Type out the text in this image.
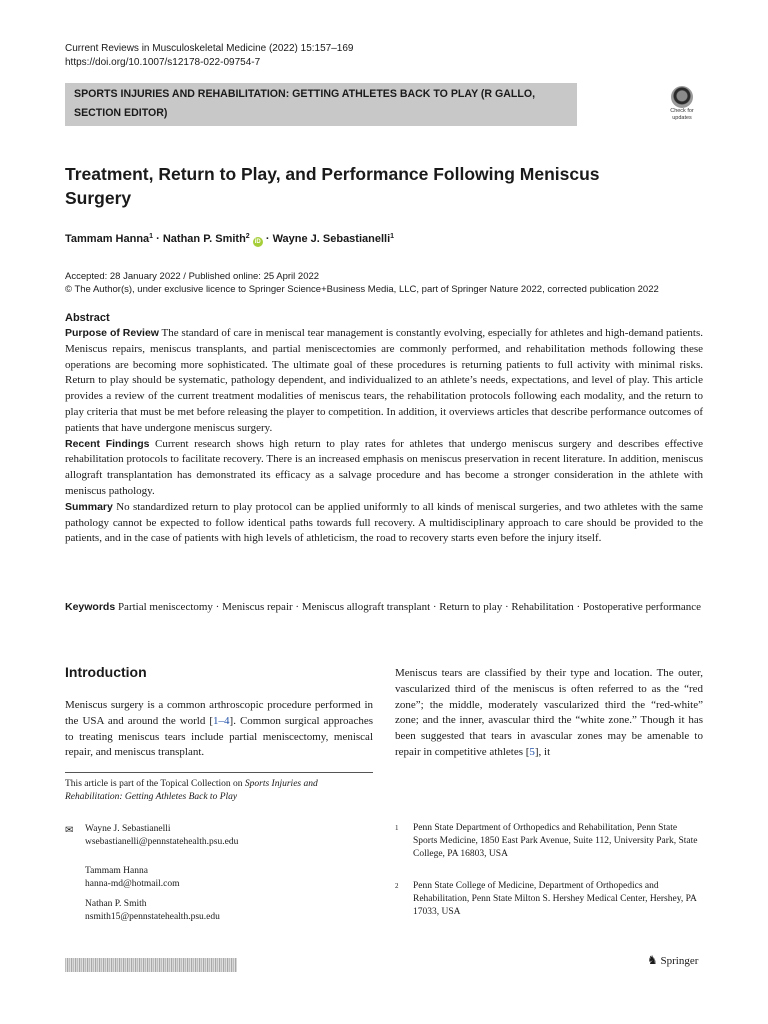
Current Reviews in Musculoskeletal Medicine (2022) 15:157–169
https://doi.org/10.1007/s12178-022-09754-7
SPORTS INJURIES AND REHABILITATION: GETTING ATHLETES BACK TO PLAY (R GALLO, SECTION EDITOR)	Check for updates
Treatment, Return to Play, and Performance Following Meniscus Surgery
Tammam Hanna$^1$ · Nathan P. Smith$^2$ iD · Wayne J. Sebastianelli$^1$
Accepted: 28 January 2022 / Published online: 25 April 2022
© The Author(s), under exclusive licence to Springer Science+Business Media, LLC, part of Springer Nature 2022, corrected publication 2022
Abstract

Purpose of Review The standard of care in meniscal tear management is constantly evolving, especially for athletes and high-demand patients. Meniscus repairs, meniscus transplants, and partial meniscectomies are commonly performed, and rehabilitation methods following these operations are becoming more sophisticated. The ultimate goal of these procedures is returning patients to full activity with minimal risks. Return to play should be systematic, pathology dependent, and individualized to an athlete’s needs, expectations, and level of play. This article provides a review of the current treatment modalities of meniscus tears, the rehabilitation protocols following each modality, and the return to play criteria that must be met before releasing the player to competition. In addition, it overviews articles that describe performance outcomes of patients that have undergone meniscus surgery.

Recent Findings Current research shows high return to play rates for athletes that undergo meniscus surgery and describes effective rehabilitation protocols to facilitate recovery. There is an increased emphasis on meniscus preservation in recent literature. In addition, meniscus allograft transplantation has demonstrated its efficacy as a salvage procedure and has become a stronger consideration in the athlete with meniscus pathology.

Summary No standardized return to play protocol can be applied uniformly to all kinds of meniscal surgeries, and two athletes with the same pathology cannot be expected to follow identical paths towards full recovery. A multidisciplinary approach to care should be provided to the patients, and in the case of patients with high levels of athleticism, the road to recovery starts even before the injury itself.

Keywords Partial meniscectomy · Meniscus repair · Meniscus allograft transplant · Return to play · Rehabilitation · Postoperative performance
Introduction
Meniscus surgery is a common arthroscopic procedure performed in the USA and around the world [1–4]. Common surgical approaches to treating meniscus tears include partial meniscectomy, meniscal repair, and meniscus transplant.
Meniscus tears are classified by their type and location. The outer, vascularized third of the meniscus is often referred to as the “red zone”; the middle, moderately vascularized third the “red-white” zone; and the inner, avascular third the “white zone.” Though it has been suggested that tears in avascular zones may be amenable to repair in competitive athletes [5], it
This article is part of the Topical Collection on Sports Injuries and Rehabilitation: Getting Athletes Back to Play
✉ Wayne J. Sebastianelli
wsebastianelli@pennstatehealth.psu.edu
Tammam Hanna
hanna-md@hotmail.com
Nathan P. Smith
nsmith15@pennstatehealth.psu.edu
1 Penn State Department of Orthopedics and Rehabilitation, Penn State Sports Medicine, 1850 East Park Avenue, Suite 112, University Park, State College, PA 16803, USA
2 Penn State College of Medicine, Department of Orthopedics and Rehabilitation, Penn State Milton S. Hershey Medical Center, Hershey, PA 17033, USA
♞ Springer
